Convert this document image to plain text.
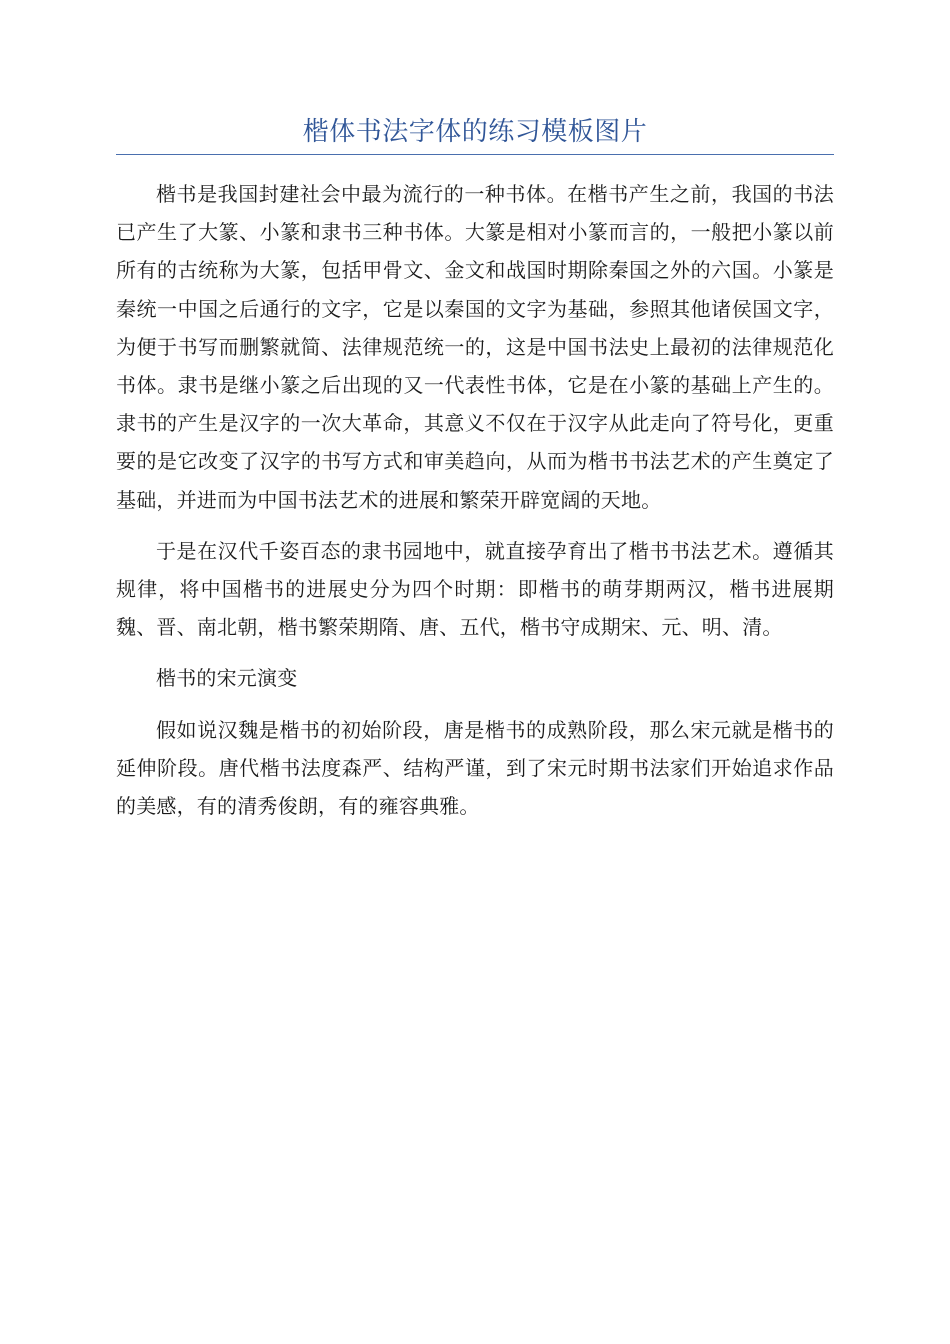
楷体书法字体的练习模板图片

楷书是我国封建社会中最为流行的一种书体。在楷书产生之前，我国的书法已产生了大篆、小篆和隶书三种书体。大篆是相对小篆而言的，一般把小篆以前所有的古统称为大篆，包括甲骨文、金文和战国时期除秦国之外的六国。小篆是秦统一中国之后通行的文字，它是以秦国的文字为基础，参照其他诸侯国文字，为便于书写而删繁就简、法律规范统一的，这是中国书法史上最初的法律规范化书体。隶书是继小篆之后出现的又一代表性书体，它是在小篆的基础上产生的。隶书的产生是汉字的一次大革命，其意义不仅在于汉字从此走向了符号化，更重要的是它改变了汉字的书写方式和审美趋向，从而为楷书书法艺术的产生奠定了基础，并进而为中国书法艺术的进展和繁荣开辟宽阔的天地。

于是在汉代千姿百态的隶书园地中，就直接孕育出了楷书书法艺术。遵循其规律，将中国楷书的进展史分为四个时期：即楷书的萌芽期两汉，楷书进展期魏、晋、南北朝，楷书繁荣期隋、唐、五代，楷书守成期宋、元、明、清。

楷书的宋元演变

假如说汉魏是楷书的初始阶段，唐是楷书的成熟阶段，那么宋元就是楷书的延伸阶段。唐代楷书法度森严、结构严谨，到了宋元时期书法家们开始追求作品的美感，有的清秀俊朗，有的雍容典雅。
